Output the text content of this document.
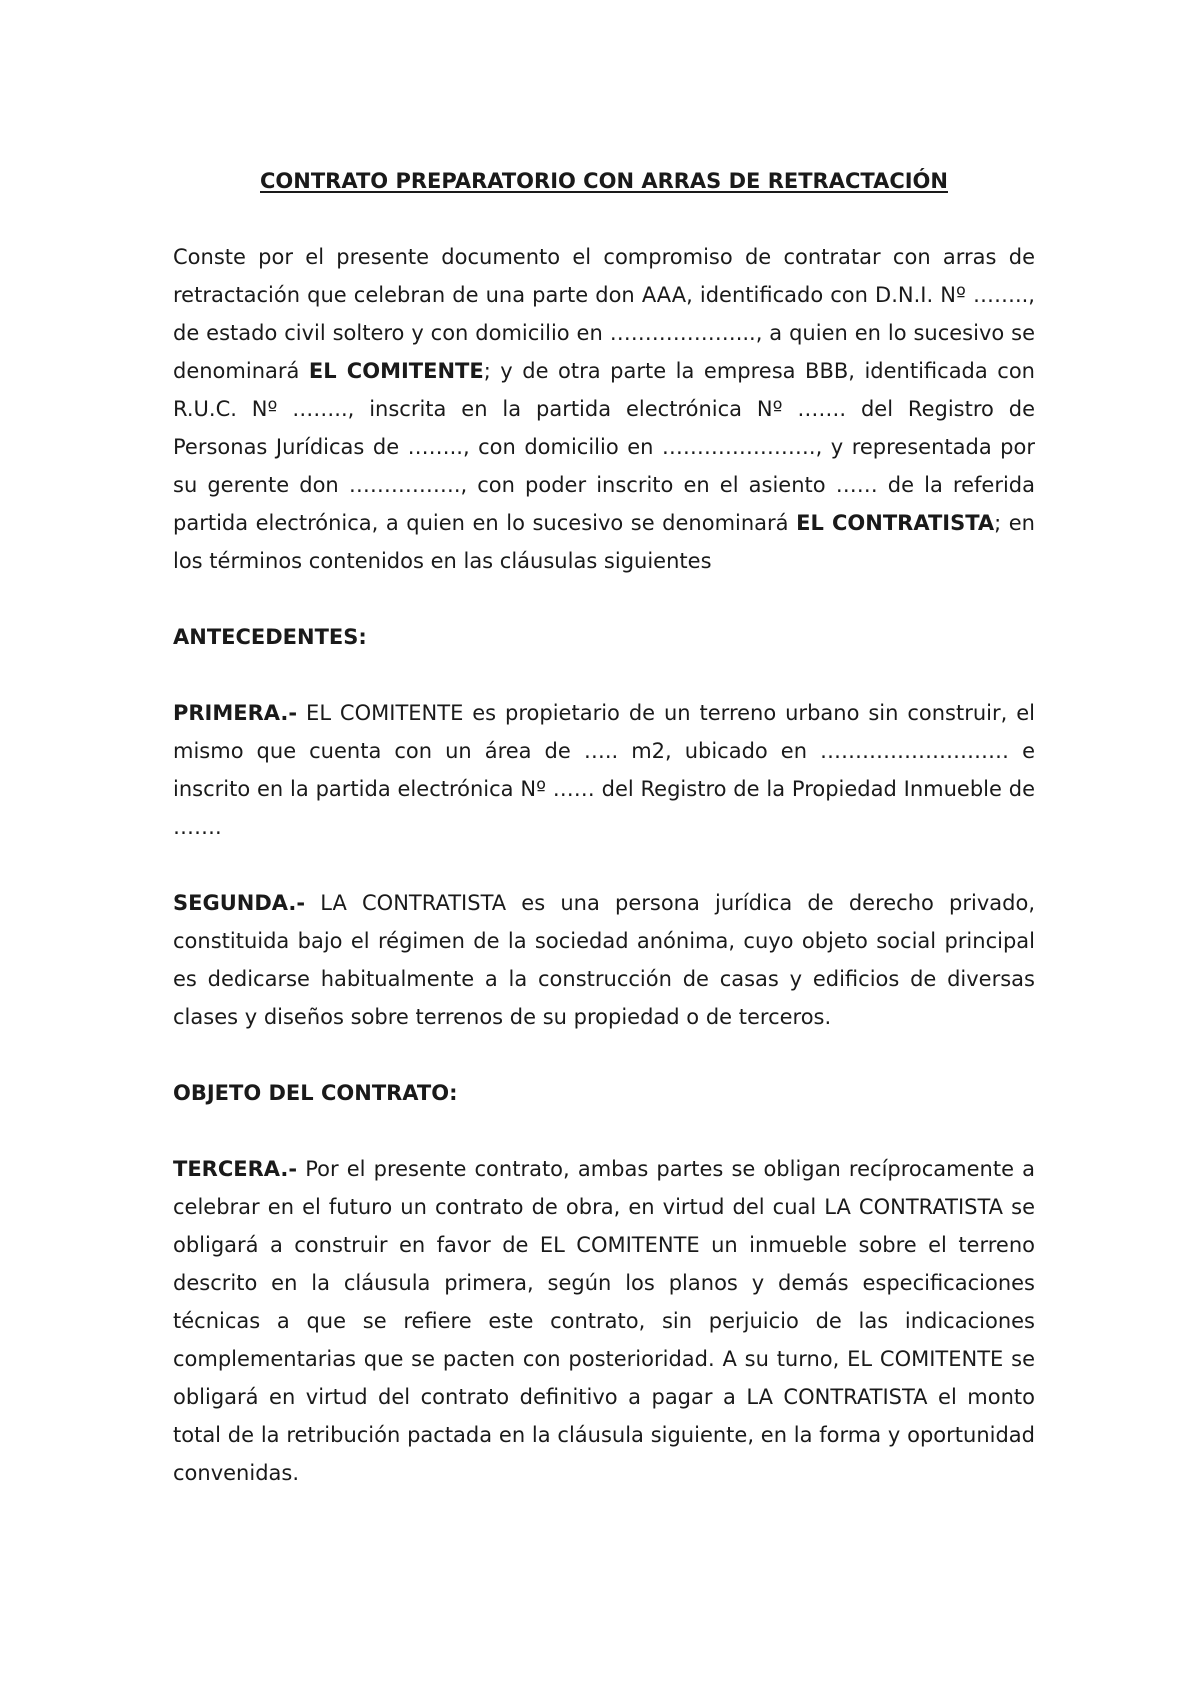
CONTRATO PREPARATORIO CON ARRAS DE RETRACTACIÓN

Conste por el presente documento el compromiso de contratar con arras de retractación que celebran de una parte don AAA, identificado con D.N.I. Nº …….., de estado civil soltero y con domicilio en ………………..., a quien en lo sucesivo se denominará EL COMITENTE; y de otra parte la empresa BBB, identificada con R.U.C. Nº …….., inscrita en la partida electrónica Nº ……. del Registro de Personas Jurídicas de …….., con domicilio en …………………., y representada por su gerente don ……………., con poder inscrito en el asiento …… de la referida partida electrónica, a quien en lo sucesivo se denominará EL CONTRATISTA; en los términos contenidos en las cláusulas siguientes

ANTECEDENTES:

PRIMERA.- EL COMITENTE es propietario de un terreno urbano sin construir, el mismo que cuenta con un área de ….. m2, ubicado en ……………………… e inscrito en la partida electrónica Nº …… del Registro de la Propiedad Inmueble de …….

SEGUNDA.- LA CONTRATISTA es una persona jurídica de derecho privado, constituida bajo el régimen de la sociedad anónima, cuyo objeto social principal es dedicarse habitualmente a la construcción de casas y edificios de diversas clases y diseños sobre terrenos de su propiedad o de terceros.

OBJETO DEL CONTRATO:

TERCERA.- Por el presente contrato, ambas partes se obligan recíprocamente a celebrar en el futuro un contrato de obra, en virtud del cual LA CONTRATISTA se obligará a construir en favor de EL COMITENTE un inmueble sobre el terreno descrito en la cláusula primera, según los planos y demás especificaciones técnicas a que se refiere este contrato, sin perjuicio de las indicaciones complementarias que se pacten con posterioridad. A su turno, EL COMITENTE se obligará en virtud del contrato definitivo a pagar a LA CONTRATISTA el monto total de la retribución pactada en la cláusula siguiente, en la forma y oportunidad convenidas.
